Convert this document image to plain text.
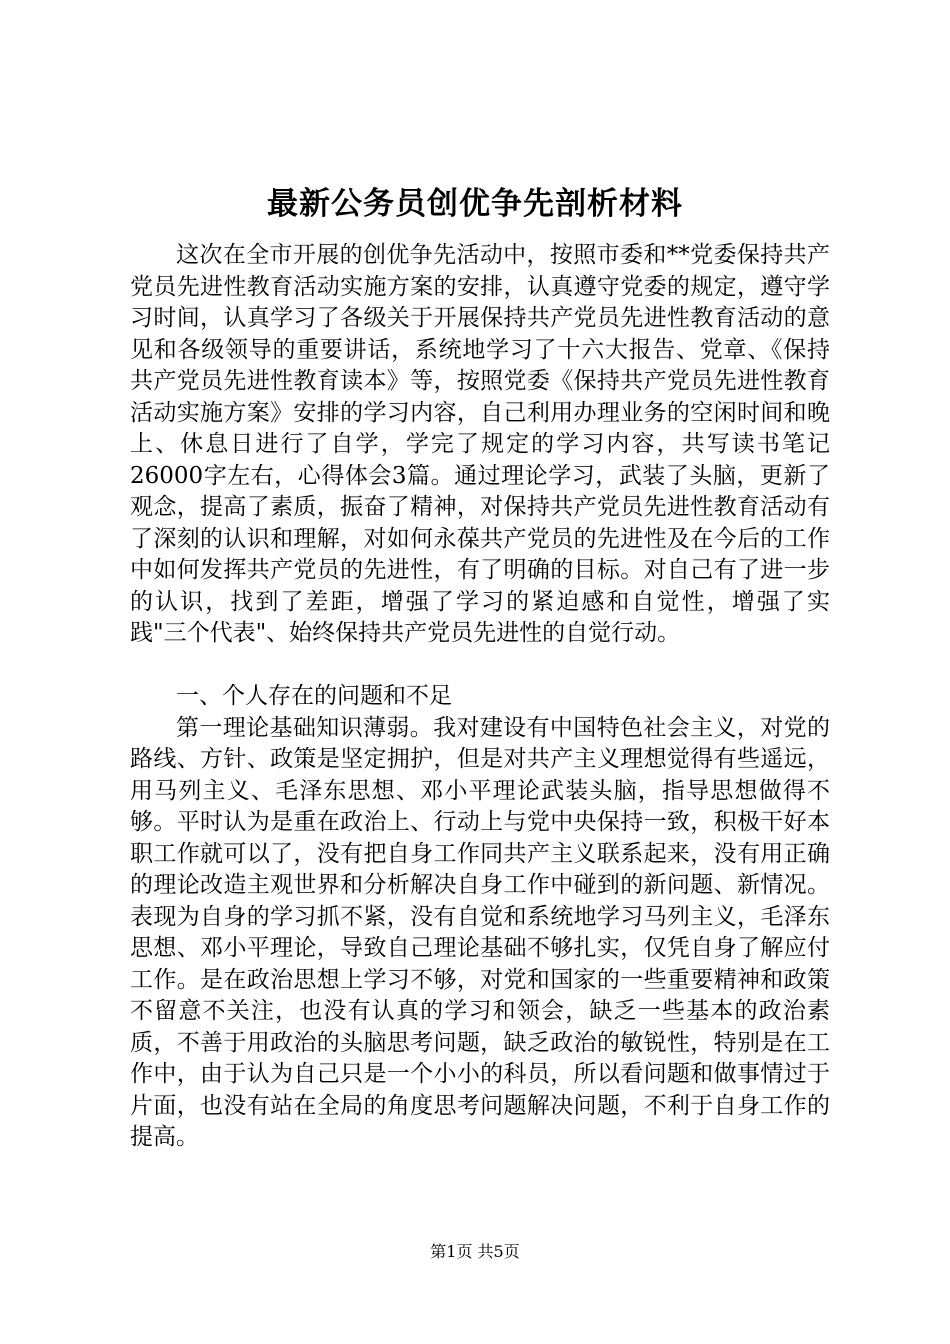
最新公务员创优争先剖析材料

这次在全市开展的创优争先活动中，按照市委和**党委保持共产党员先进性教育活动实施方案的安排，认真遵守党委的规定，遵守学习时间，认真学习了各级关于开展保持共产党员先进性教育活动的意见和各级领导的重要讲话，系统地学习了十六大报告、党章、《保持共产党员先进性教育读本》等，按照党委《保持共产党员先进性教育活动实施方案》安排的学习内容，自己利用办理业务的空闲时间和晚上、休息日进行了自学，学完了规定的学习内容，共写读书笔记26000字左右，心得体会3篇。通过理论学习，武装了头脑，更新了观念，提高了素质，振奋了精神，对保持共产党员先进性教育活动有了深刻的认识和理解，对如何永葆共产党员的先进性及在今后的工作中如何发挥共产党员的先进性，有了明确的目标。对自己有了进一步的认识，找到了差距，增强了学习的紧迫感和自觉性，增强了实践"三个代表"、始终保持共产党员先进性的自觉行动。

一、个人存在的问题和不足

第一理论基础知识薄弱。我对建设有中国特色社会主义，对党的路线、方针、政策是坚定拥护，但是对共产主义理想觉得有些遥远，用马列主义、毛泽东思想、邓小平理论武装头脑，指导思想做得不够。平时认为是重在政治上、行动上与党中央保持一致，积极干好本职工作就可以了，没有把自身工作同共产主义联系起来，没有用正确的理论改造主观世界和分析解决自身工作中碰到的新问题、新情况。表现为自身的学习抓不紧，没有自觉和系统地学习马列主义，毛泽东思想、邓小平理论，导致自己理论基础不够扎实，仅凭自身了解应付工作。是在政治思想上学习不够，对党和国家的一些重要精神和政策不留意不关注，也没有认真的学习和领会，缺乏一些基本的政治素质，不善于用政治的头脑思考问题，缺乏政治的敏锐性，特别是在工作中，由于认为自己只是一个小小的科员，所以看问题和做事情过于片面，也没有站在全局的角度思考问题解决问题，不利于自身工作的提高。

第1页 共5页
